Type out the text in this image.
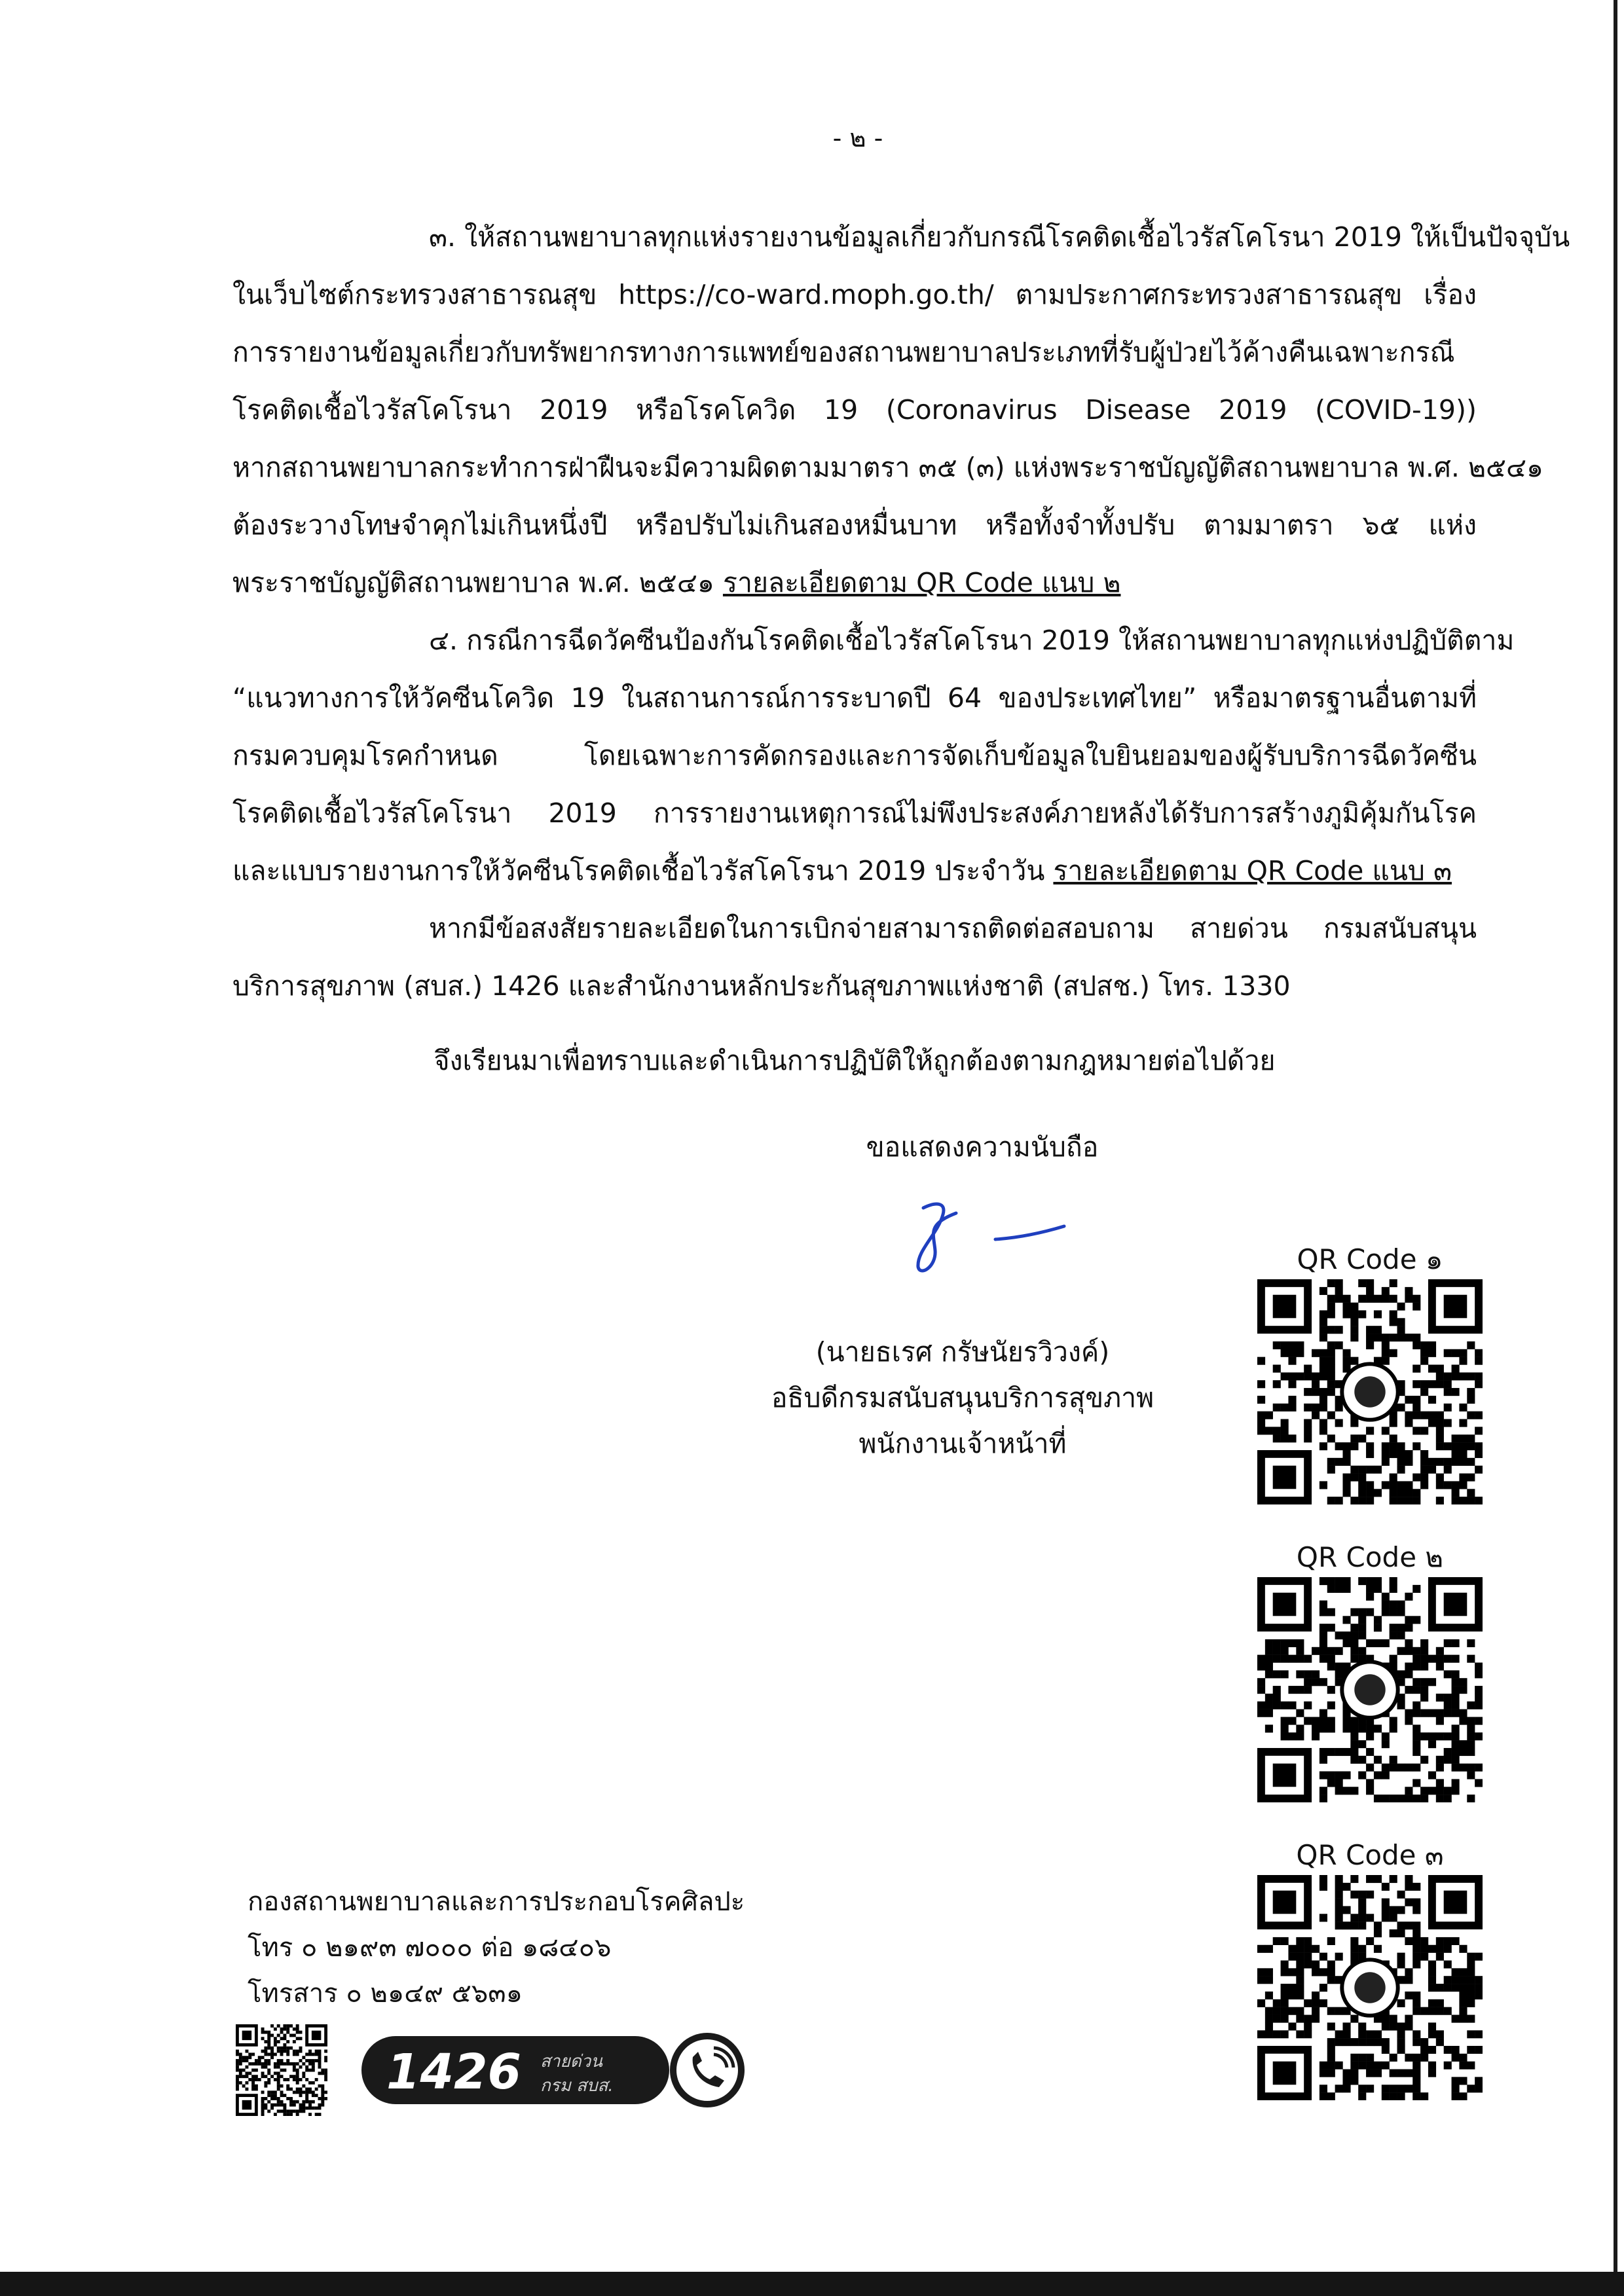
- ๒ -
๓. ให้สถานพยาบาลทุกแห่งรายงานข้อมูลเกี่ยวกับกรณีโรคติดเชื้อไวรัสโคโรนา 2019 ให้เป็นปัจจุบัน
ในเว็บไซต์กระทรวงสาธารณสุข https://co-ward.moph.go.th/ ตามประกาศกระทรวงสาธารณสุข เรื่อง
การรายงานข้อมูลเกี่ยวกับทรัพยากรทางการแพทย์ของสถานพยาบาลประเภทที่รับผู้ป่วยไว้ค้างคืนเฉพาะกรณี
โรคติดเชื้อไวรัสโคโรนา 2019 หรือโรคโควิด 19 (Coronavirus Disease 2019 (COVID-19))
หากสถานพยาบาลกระทำการฝ่าฝืนจะมีความผิดตามมาตรา ๓๕ (๓) แห่งพระราชบัญญัติสถานพยาบาล พ.ศ. ๒๕๔๑
ต้องระวางโทษจำคุกไม่เกินหนึ่งปี หรือปรับไม่เกินสองหมื่นบาท หรือทั้งจำทั้งปรับ ตามมาตรา ๖๕ แห่ง
พระราชบัญญัติสถานพยาบาล พ.ศ. ๒๕๔๑ รายละเอียดตาม QR Code แนบ ๒
๔. กรณีการฉีดวัคซีนป้องกันโรคติดเชื้อไวรัสโคโรนา 2019 ให้สถานพยาบาลทุกแห่งปฏิบัติตาม
“แนวทางการให้วัคซีนโควิด 19 ในสถานการณ์การระบาดปี 64 ของประเทศไทย” หรือมาตรฐานอื่นตามที่
กรมควบคุมโรคกำหนด โดยเฉพาะการคัดกรองและการจัดเก็บข้อมูลใบยินยอมของผู้รับบริการฉีดวัคซีน
โรคติดเชื้อไวรัสโคโรนา 2019 การรายงานเหตุการณ์ไม่พึงประสงค์ภายหลังได้รับการสร้างภูมิคุ้มกันโรค
และแบบรายงานการให้วัคซีนโรคติดเชื้อไวรัสโคโรนา 2019 ประจำวัน รายละเอียดตาม QR Code แนบ ๓
หากมีข้อสงสัยรายละเอียดในการเบิกจ่ายสามารถติดต่อสอบถาม สายด่วน กรมสนับสนุน
บริการสุขภาพ (สบส.) 1426 และสำนักงานหลักประกันสุขภาพแห่งชาติ (สปสช.) โทร. 1330
จึงเรียนมาเพื่อทราบและดำเนินการปฏิบัติให้ถูกต้องตามกฎหมายต่อไปด้วย
ขอแสดงความนับถือ
(นายธเรศ กรัษนัยรวิวงค์)
อธิบดีกรมสนับสนุนบริการสุขภาพ
พนักงานเจ้าหน้าที่
QR Code ๑
QR Code ๒
QR Code ๓
กองสถานพยาบาลและการประกอบโรคศิลปะ
โทร ๐ ๒๑๙๓ ๗๐๐๐ ต่อ ๑๘๔๐๖
โทรสาร ๐ ๒๑๔๙ ๕๖๓๑
1426 สายด่วน
กรม สบส.
